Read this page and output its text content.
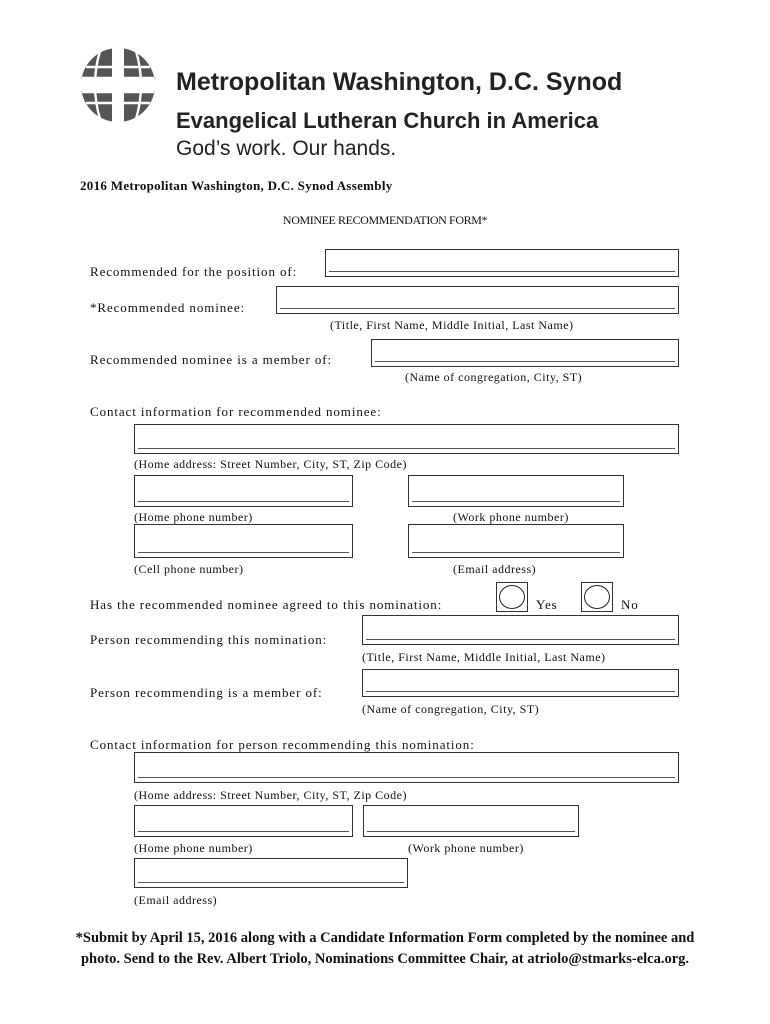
Metropolitan Washington, D.C. Synod
Evangelical Lutheran Church in America
God’s work. Our hands.
2016 Metropolitan Washington, D.C. Synod Assembly
NOMINEE RECOMMENDATION FORM*
Recommended for the position of:
*Recommended nominee:
(Title, First Name, Middle Initial, Last Name)
Recommended nominee is a member of:
(Name of congregation, City, ST)
Contact information for recommended nominee:
(Home address: Street Number, City, ST, Zip Code)
(Home phone number)	(Work phone number)
(Cell phone number)	(Email address)
Has the recommended nominee agreed to this nomination:	Yes	No
Person recommending this nomination:
(Title, First Name, Middle Initial, Last Name)
Person recommending is a member of:
(Name of congregation, City, ST)
Contact information for person recommending this nomination:
(Home address: Street Number, City, ST, Zip Code)
(Home phone number)	(Work phone number)
(Email address)
*Submit by April 15, 2016 along with a Candidate Information Form completed by the nominee and
photo. Send to the Rev. Albert Triolo, Nominations Committee Chair, at atriolo@stmarks-elca.org.
